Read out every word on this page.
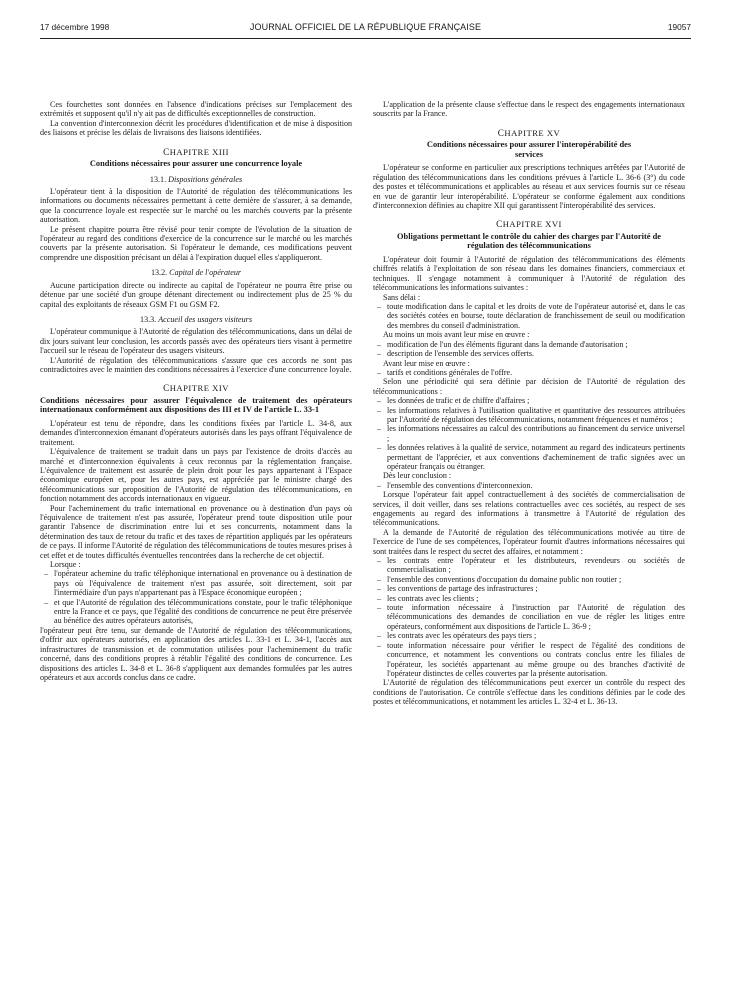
17 décembre 1998	JOURNAL OFFICIEL DE LA RÉPUBLIQUE FRANÇAISE	19057

Ces fourchettes sont données en l'absence d'indications précises sur l'emplacement des extrémités et supposent qu'il n'y ait pas de difficultés exceptionnelles de construction.

La convention d'interconnexion décrit les procédures d'identification et de mise à disposition des liaisons et précise les délais de livraisons des liaisons identifiées.

CHAPITRE XIII
Conditions nécessaires pour assurer une concurrence loyale
13.1. Dispositions générales

L'opérateur tient à la disposition de l'Autorité de régulation des télécommunications les informations ou documents nécessaires permettant à cette dernière de s'assurer, à sa demande, que la concurrence loyale est respectée sur le marché ou les marchés couverts par la présente autorisation.

Le présent chapitre pourra être révisé pour tenir compte de l'évolution de la situation de l'opérateur au regard des conditions d'exercice de la concurrence sur le marché ou les marchés couverts par la présente autorisation. Si l'opérateur le demande, ces modifications peuvent comprendre une disposition précisant un délai à l'expiration duquel elles s'appliqueront.

13.2. Capital de l'opérateur

Aucune participation directe ou indirecte au capital de l'opérateur ne pourra être prise ou détenue par une société d'un groupe détenant directement ou indirectement plus de 25 % du capital des exploitants de réseaux GSM F1 ou GSM F2.

13.3. Accueil des usagers visiteurs

L'opérateur communique à l'Autorité de régulation des télécommunications, dans un délai de dix jours suivant leur conclusion, les accords passés avec des opérateurs tiers visant à permettre l'accueil sur le réseau de l'opérateur des usagers visiteurs.

L'Autorité de régulation des télécommunications s'assure que ces accords ne sont pas contradictoires avec le maintien des conditions nécessaires à l'exercice d'une concurrence loyale.

CHAPITRE XIV
Conditions nécessaires pour assurer l'équivalence de traitement des opérateurs internationaux conformément aux dispositions des III et IV de l'article L. 33-1

L'opérateur est tenu de répondre, dans les conditions fixées par l'article L. 34-8, aux demandes d'interconnexion émanant d'opérateurs autorisés dans les pays offrant l'équivalence de traitement.

L'équivalence de traitement se traduit dans un pays par l'existence de droits d'accès au marché et d'interconnexion équivalents à ceux reconnus par la réglementation française. L'équivalence de traitement est assurée de plein droit pour les pays appartenant à l'Espace économique européen et, pour les autres pays, est appréciée par le ministre chargé des télécommunications sur proposition de l'Autorité de régulation des télécommunications, en fonction notamment des accords internationaux en vigueur.

Pour l'acheminement du trafic international en provenance ou à destination d'un pays où l'équivalence de traitement n'est pas assurée, l'opérateur prend toute disposition utile pour garantir l'absence de discrimination entre lui et ses concurrents, notamment dans la détermination des taux de retour du trafic et des taxes de répartition appliqués par les opérateurs de ce pays. Il informe l'Autorité de régulation des télécommunications de toutes mesures prises à cet effet et de toutes difficultés éventuelles rencontrées dans la recherche de cet objectif.

Lorsque :

– l'opérateur achemine du trafic téléphonique international en provenance ou à destination de pays où l'équivalence de traitement n'est pas assurée, soit directement, soit par l'intermédiaire d'un pays n'appartenant pas à l'Espace économique européen ;
– et que l'Autorité de régulation des télécommunications constate, pour le trafic téléphonique entre la France et ce pays, que l'égalité des conditions de concurrence ne peut être préservée au bénéfice des autres opérateurs autorisés,

l'opérateur peut être tenu, sur demande de l'Autorité de régulation des télécommunications, d'offrir aux opérateurs autorisés, en application des articles L. 33-1 et L. 34-1, l'accès aux infrastructures de transmission et de commutation utilisées pour l'acheminement du trafic concerné, dans des conditions propres à rétablir l'égalité des conditions de concurrence. Les dispositions des articles L. 34-8 et L. 36-8 s'appliquent aux demandes formulées par les autres opérateurs et aux accords conclus dans ce cadre.

L'application de la présente clause s'effectue dans le respect des engagements internationaux souscrits par la France.

CHAPITRE XV
Conditions nécessaires pour assurer l'interopérabilité des services

L'opérateur se conforme en particulier aux prescriptions techniques arrêtées par l'Autorité de régulation des télécommunications dans les conditions prévues à l'article L. 36-6 (3°) du code des postes et télécommunications et applicables au réseau et aux services fournis sur ce réseau en vue de garantir leur interopérabilité. L'opérateur se conforme également aux conditions d'interconnexion définies au chapitre XII qui garantissent l'interopérabilité des services.

CHAPITRE XVI
Obligations permettant le contrôle du cahier des charges par l'Autorité de régulation des télécommunications

L'opérateur doit fournir à l'Autorité de régulation des télécommunications des éléments chiffrés relatifs à l'exploitation de son réseau dans les domaines financiers, commerciaux et techniques. Il s'engage notamment à communiquer à l'Autorité de régulation des télécommunications les informations suivantes :

Sans délai :

– toute modification dans le capital et les droits de vote de l'opérateur autorisé et, dans le cas des sociétés cotées en bourse, toute déclaration de franchissement de seuil ou modification des membres du conseil d'administration.

Au moins un mois avant leur mise en œuvre :

– modification de l'un des éléments figurant dans la demande d'autorisation ;
– description de l'ensemble des services offerts.

Avant leur mise en œuvre :

– tarifs et conditions générales de l'offre.

Selon une périodicité qui sera définie par décision de l'Autorité de régulation des télécommunications :

– les données de trafic et de chiffre d'affaires ;
– les informations relatives à l'utilisation qualitative et quantitative des ressources attribuées par l'Autorité de régulation des télécommunications, notamment fréquences et numéros ;
– les informations nécessaires au calcul des contributions au financement du service universel ;
– les données relatives à la qualité de service, notamment au regard des indicateurs pertinents permettant de l'apprécier, et aux conventions d'acheminement de trafic signées avec un opérateur français ou étranger.

Dès leur conclusion :

– l'ensemble des conventions d'interconnexion.

Lorsque l'opérateur fait appel contractuellement à des sociétés de commercialisation de services, il doit veiller, dans ses relations contractuelles avec ces sociétés, au respect de ses engagements au regard des informations à transmettre à l'Autorité de régulation des télécommunications.

A la demande de l'Autorité de régulation des télécommunications motivée au titre de l'exercice de l'une de ses compétences, l'opérateur fournit d'autres informations nécessaires qui sont traitées dans le respect du secret des affaires, et notamment :

– les contrats entre l'opérateur et les distributeurs, revendeurs ou sociétés de commercialisation ;
– l'ensemble des conventions d'occupation du domaine public non routier ;
– les conventions de partage des infrastructures ;
– les contrats avec les clients ;
– toute information nécessaire à l'instruction par l'Autorité de régulation des télécommunications des demandes de conciliation en vue de régler les litiges entre opérateurs, conformément aux dispositions de l'article L. 36-9 ;
– les contrats avec les opérateurs des pays tiers ;
– toute information nécessaire pour vérifier le respect de l'égalité des conditions de concurrence, et notamment les conventions ou contrats conclus entre les filiales de l'opérateur, les sociétés appartenant au même groupe ou des branches d'activité de l'opérateur distinctes de celles couvertes par la présente autorisation.

L'Autorité de régulation des télécommunications peut exercer un contrôle du respect des conditions de l'autorisation. Ce contrôle s'effectue dans les conditions définies par le code des postes et télécommunications, et notamment les articles L. 32-4 et L. 36-13.
